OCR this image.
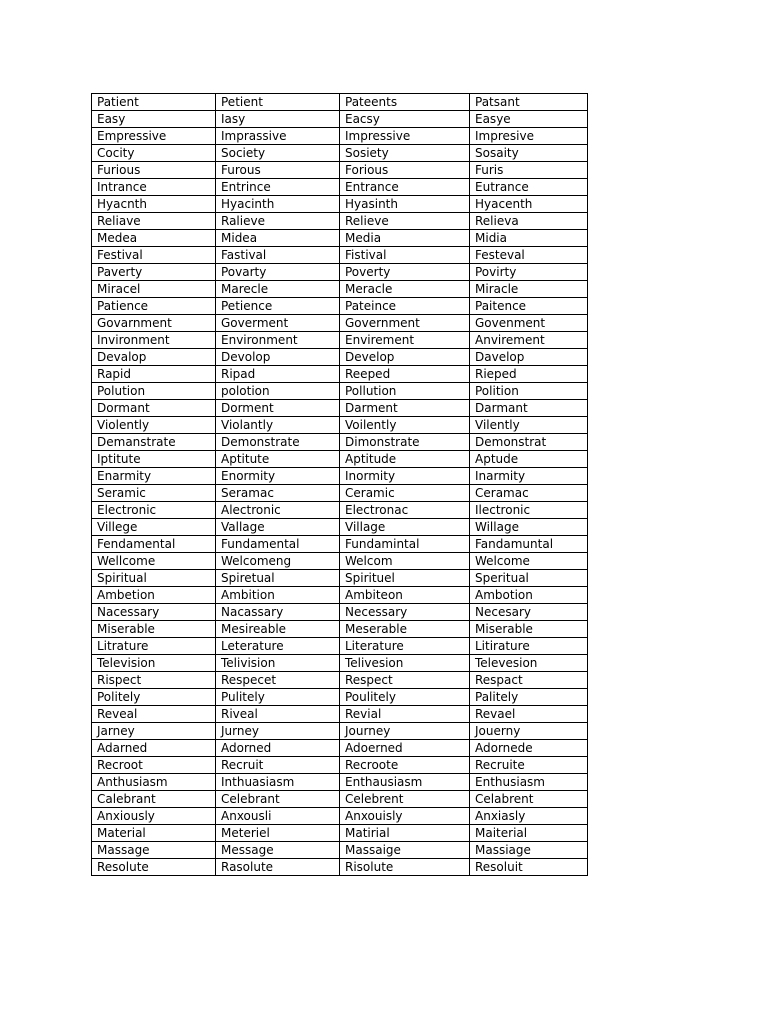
Patient	Petient	Pateents	Patsant
Easy	Iasy	Eacsy	Easye
Empressive	Imprassive	Impressive	Impresive
Cocity	Society	Sosiety	Sosaity
Furious	Furous	Forious	Furis
Intrance	Entrince	Entrance	Eutrance
Hyacnth	Hyacinth	Hyasinth	Hyacenth
Reliave	Ralieve	Relieve	Relieva
Medea	Midea	Media	Midia
Festival	Fastival	Fistival	Festeval
Paverty	Povarty	Poverty	Povirty
Miracel	Marecle	Meracle	Miracle
Patience	Petience	Pateince	Paitence
Govarnment	Goverment	Government	Govenment
Invironment	Environment	Envirement	Anvirement
Devalop	Devolop	Develop	Davelop
Rapid	Ripad	Reeped	Rieped
Polution	polotion	Pollution	Polition
Dormant	Dorment	Darment	Darmant
Violently	Violantly	Voilently	Vilently
Demanstrate	Demonstrate	Dimonstrate	Demonstrat
Iptitute	Aptitute	Aptitude	Aptude
Enarmity	Enormity	Inormity	Inarmity
Seramic	Seramac	Ceramic	Ceramac
Electronic	Alectronic	Electronac	Ilectronic
Villege	Vallage	Village	Willage
Fendamental	Fundamental	Fundamintal	Fandamuntal
Wellcome	Welcomeng	Welcom	Welcome
Spiritual	Spiretual	Spirituel	Speritual
Ambetion	Ambition	Ambiteon	Ambotion
Nacessary	Nacassary	Necessary	Necesary
Miserable	Mesireable	Meserable	Miserable
Litrature	Leterature	Literature	Litirature
Television	Telivision	Telivesion	Televesion
Rispect	Respecet	Respect	Respact
Politely	Pulitely	Poulitely	Palitely
Reveal	Riveal	Revial	Revael
Jarney	Jurney	Journey	Jouerny
Adarned	Adorned	Adoerned	Adornede
Recroot	Recruit	Recroote	Recruite
Anthusiasm	Inthuasiasm	Enthausiasm	Enthusiasm
Calebrant	Celebrant	Celebrent	Celabrent
Anxiously	Anxousli	Anxouisly	Anxiasly
Material	Meteriel	Matirial	Maiterial
Massage	Message	Massaige	Massiage
Resolute	Rasolute	Risolute	Resoluit
